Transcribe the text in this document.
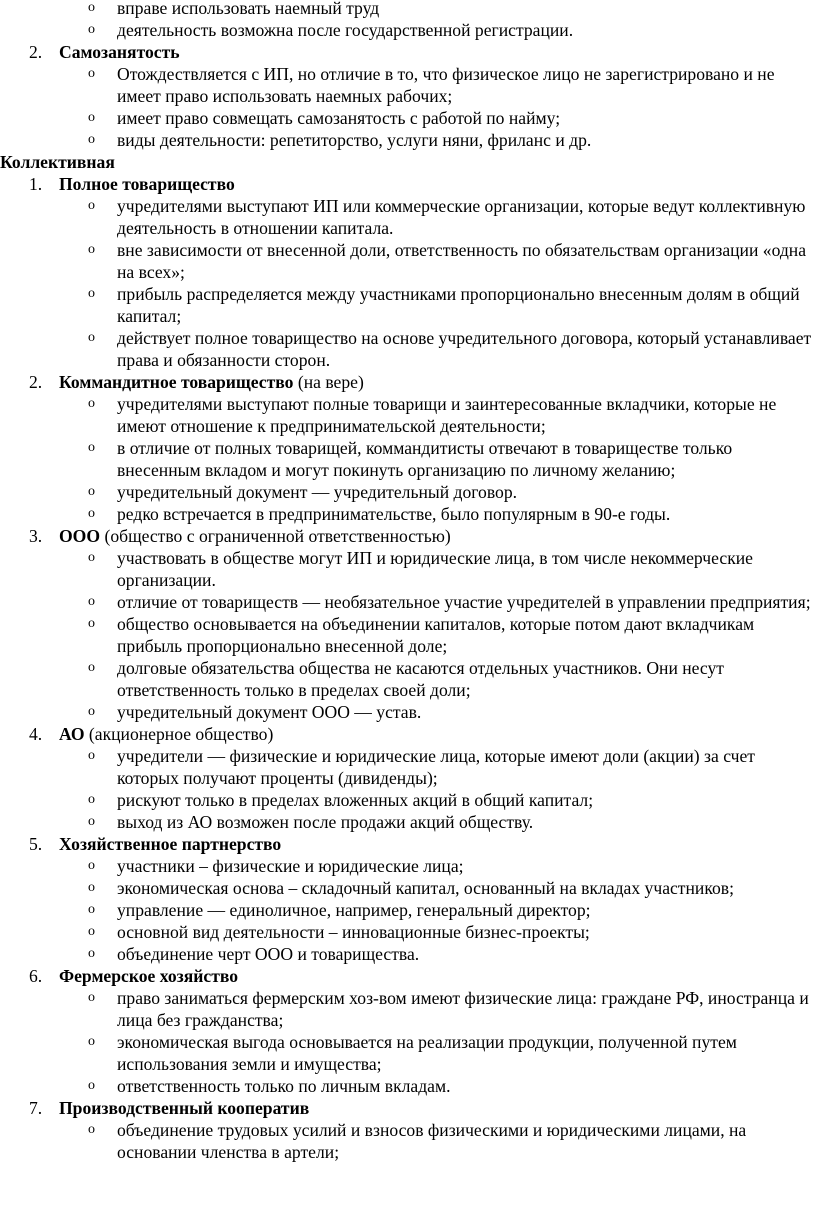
o вправе использовать наемный труд
o деятельность возможна после государственной регистрации.
2. Самозанятость
o Отождествляется с ИП, но отличие в то, что физическое лицо не зарегистрировано и не имеет право использовать наемных рабочих;
o имеет право совмещать самозанятость с работой по найму;
o виды деятельности: репетиторство, услуги няни, фриланс и др.
Коллективная
1. Полное товарищество
o учредителями выступают ИП или коммерческие организации, которые ведут коллективную деятельность в отношении капитала.
o вне зависимости от внесенной доли, ответственность по обязательствам организации «одна на всех»;
o прибыль распределяется между участниками пропорционально внесенным долям в общий капитал;
o действует полное товарищество на основе учредительного договора, который устанавливает права и обязанности сторон.
2. Коммандитное товарищество (на вере)
o учредителями выступают полные товарищи и заинтересованные вкладчики, которые не имеют отношение к предпринимательской деятельности;
o в отличие от полных товарищей, коммандитисты отвечают в товариществе только внесенным вкладом и могут покинуть организацию по личному желанию;
o учредительный документ — учредительный договор.
o редко встречается в предпринимательстве, было популярным в 90-е годы.
3. ООО (общество с ограниченной ответственностью)
o участвовать в обществе могут ИП и юридические лица, в том числе некоммерческие организации.
o отличие от товариществ — необязательное участие учредителей в управлении предприятия;
o общество основывается на объединении капиталов, которые потом дают вкладчикам прибыль пропорционально внесенной доле;
o долговые обязательства общества не касаются отдельных участников. Они несут ответственность только в пределах своей доли;
o учредительный документ ООО — устав.
4. АО (акционерное общество)
o учредители — физические и юридические лица, которые имеют доли (акции) за счет которых получают проценты (дивиденды);
o рискуют только в пределах вложенных акций в общий капитал;
o выход из АО возможен после продажи акций обществу.
5. Хозяйственное партнерство
o участники – физические и юридические лица;
o экономическая основа – складочный капитал, основанный на вкладах участников;
o управление — единоличное, например, генеральный директор;
o основной вид деятельности – инновационные бизнес-проекты;
o объединение черт ООО и товарищества.
6. Фермерское хозяйство
o право заниматься фермерским хоз-вом имеют физические лица: граждане РФ, иностранца и лица без гражданства;
o экономическая выгода основывается на реализации продукции, полученной путем использования земли и имущества;
o ответственность только по личным вкладам.
7. Производственный кооператив
o объединение трудовых усилий и взносов физическими и юридическими лицами, на основании членства в артели;
